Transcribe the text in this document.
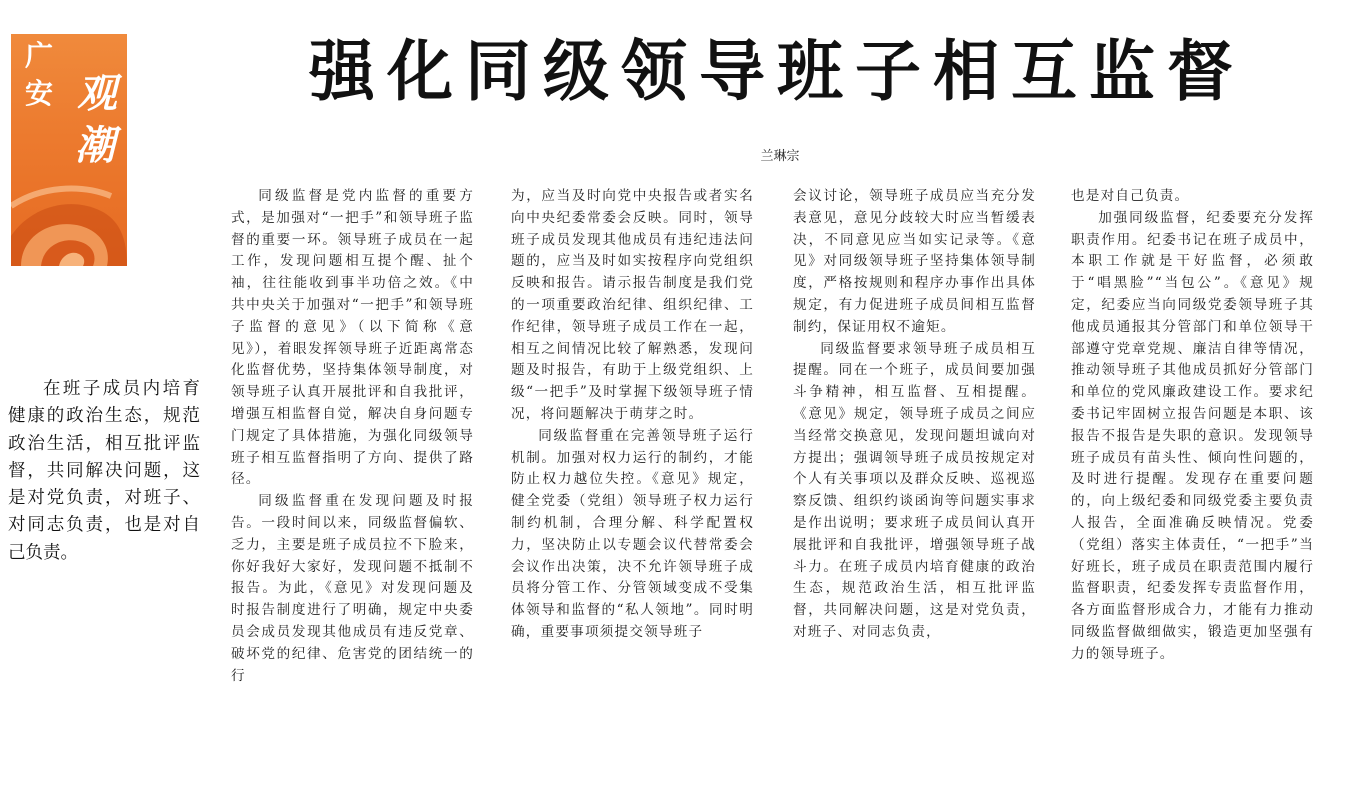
广
安 观
潮
强化同级领导班子相互监督
兰琳宗
在班子成员内培育健康的政治生态，规范政治生活，相互批评监督，共同解决问题，这是对党负责，对班子、对同志负责，也是对自己负责。

同级监督是党内监督的重要方式，是加强对“一把手”和领导班子监督的重要一环。领导班子成员在一起工作，发现问题相互提个醒、扯个袖，往往能收到事半功倍之效。《中共中央关于加强对“一把手”和领导班子监督的意见》（以下简称《意见》），着眼发挥领导班子近距离常态化监督优势，坚持集体领导制度，对领导班子认真开展批评和自我批评，增强互相监督自觉，解决自身问题专门规定了具体措施，为强化同级领导班子相互监督指明了方向、提供了路径。

同级监督重在发现问题及时报告。一段时间以来，同级监督偏软、乏力，主要是班子成员拉不下脸来，你好我好大家好，发现问题不抵制不报告。为此，《意见》对发现问题及时报告制度进行了明确，规定中央委员会成员发现其他成员有违反党章、破坏党的纪律、危害党的团结统一的行

为，应当及时向党中央报告或者实名向中央纪委常委会反映。同时，领导班子成员发现其他成员有违纪违法问题的，应当及时如实按程序向党组织反映和报告。请示报告制度是我们党的一项重要政治纪律、组织纪律、工作纪律，领导班子成员工作在一起，相互之间情况比较了解熟悉，发现问题及时报告，有助于上级党组织、上级“一把手”及时掌握下级领导班子情况，将问题解决于萌芽之时。

同级监督重在完善领导班子运行机制。加强对权力运行的制约，才能防止权力越位失控。《意见》规定，健全党委（党组）领导班子权力运行制约机制，合理分解、科学配置权力，坚决防止以专题会议代替常委会会议作出决策，决不允许领导班子成员将分管工作、分管领域变成不受集体领导和监督的“私人领地”。同时明确，重要事项须提交领导班子

会议讨论，领导班子成员应当充分发表意见，意见分歧较大时应当暂缓表决，不同意见应当如实记录等。《意见》对同级领导班子坚持集体领导制度，严格按规则和程序办事作出具体规定，有力促进班子成员间相互监督制约，保证用权不逾矩。

同级监督要求领导班子成员相互提醒。同在一个班子，成员间要加强斗争精神，相互监督、互相提醒。《意见》规定，领导班子成员之间应当经常交换意见，发现问题坦诚向对方提出；强调领导班子成员按规定对个人有关事项以及群众反映、巡视巡察反馈、组织约谈函询等问题实事求是作出说明；要求班子成员间认真开展批评和自我批评，增强领导班子战斗力。在班子成员内培育健康的政治生态，规范政治生活，相互批评监督，共同解决问题，这是对党负责，对班子、对同志负责，

也是对自己负责。

加强同级监督，纪委要充分发挥职责作用。纪委书记在班子成员中，本职工作就是干好监督，必须敢于“唱黑脸”“当包公”。《意见》规定，纪委应当向同级党委领导班子其他成员通报其分管部门和单位领导干部遵守党章党规、廉洁自律等情况，推动领导班子其他成员抓好分管部门和单位的党风廉政建设工作。要求纪委书记牢固树立报告问题是本职、该报告不报告是失职的意识。发现领导班子成员有苗头性、倾向性问题的，及时进行提醒。发现存在重要问题的，向上级纪委和同级党委主要负责人报告，全面准确反映情况。党委（党组）落实主体责任，“一把手”当好班长，班子成员在职责范围内履行监督职责，纪委发挥专责监督作用，各方面监督形成合力，才能有力推动同级监督做细做实，锻造更加坚强有力的领导班子。
